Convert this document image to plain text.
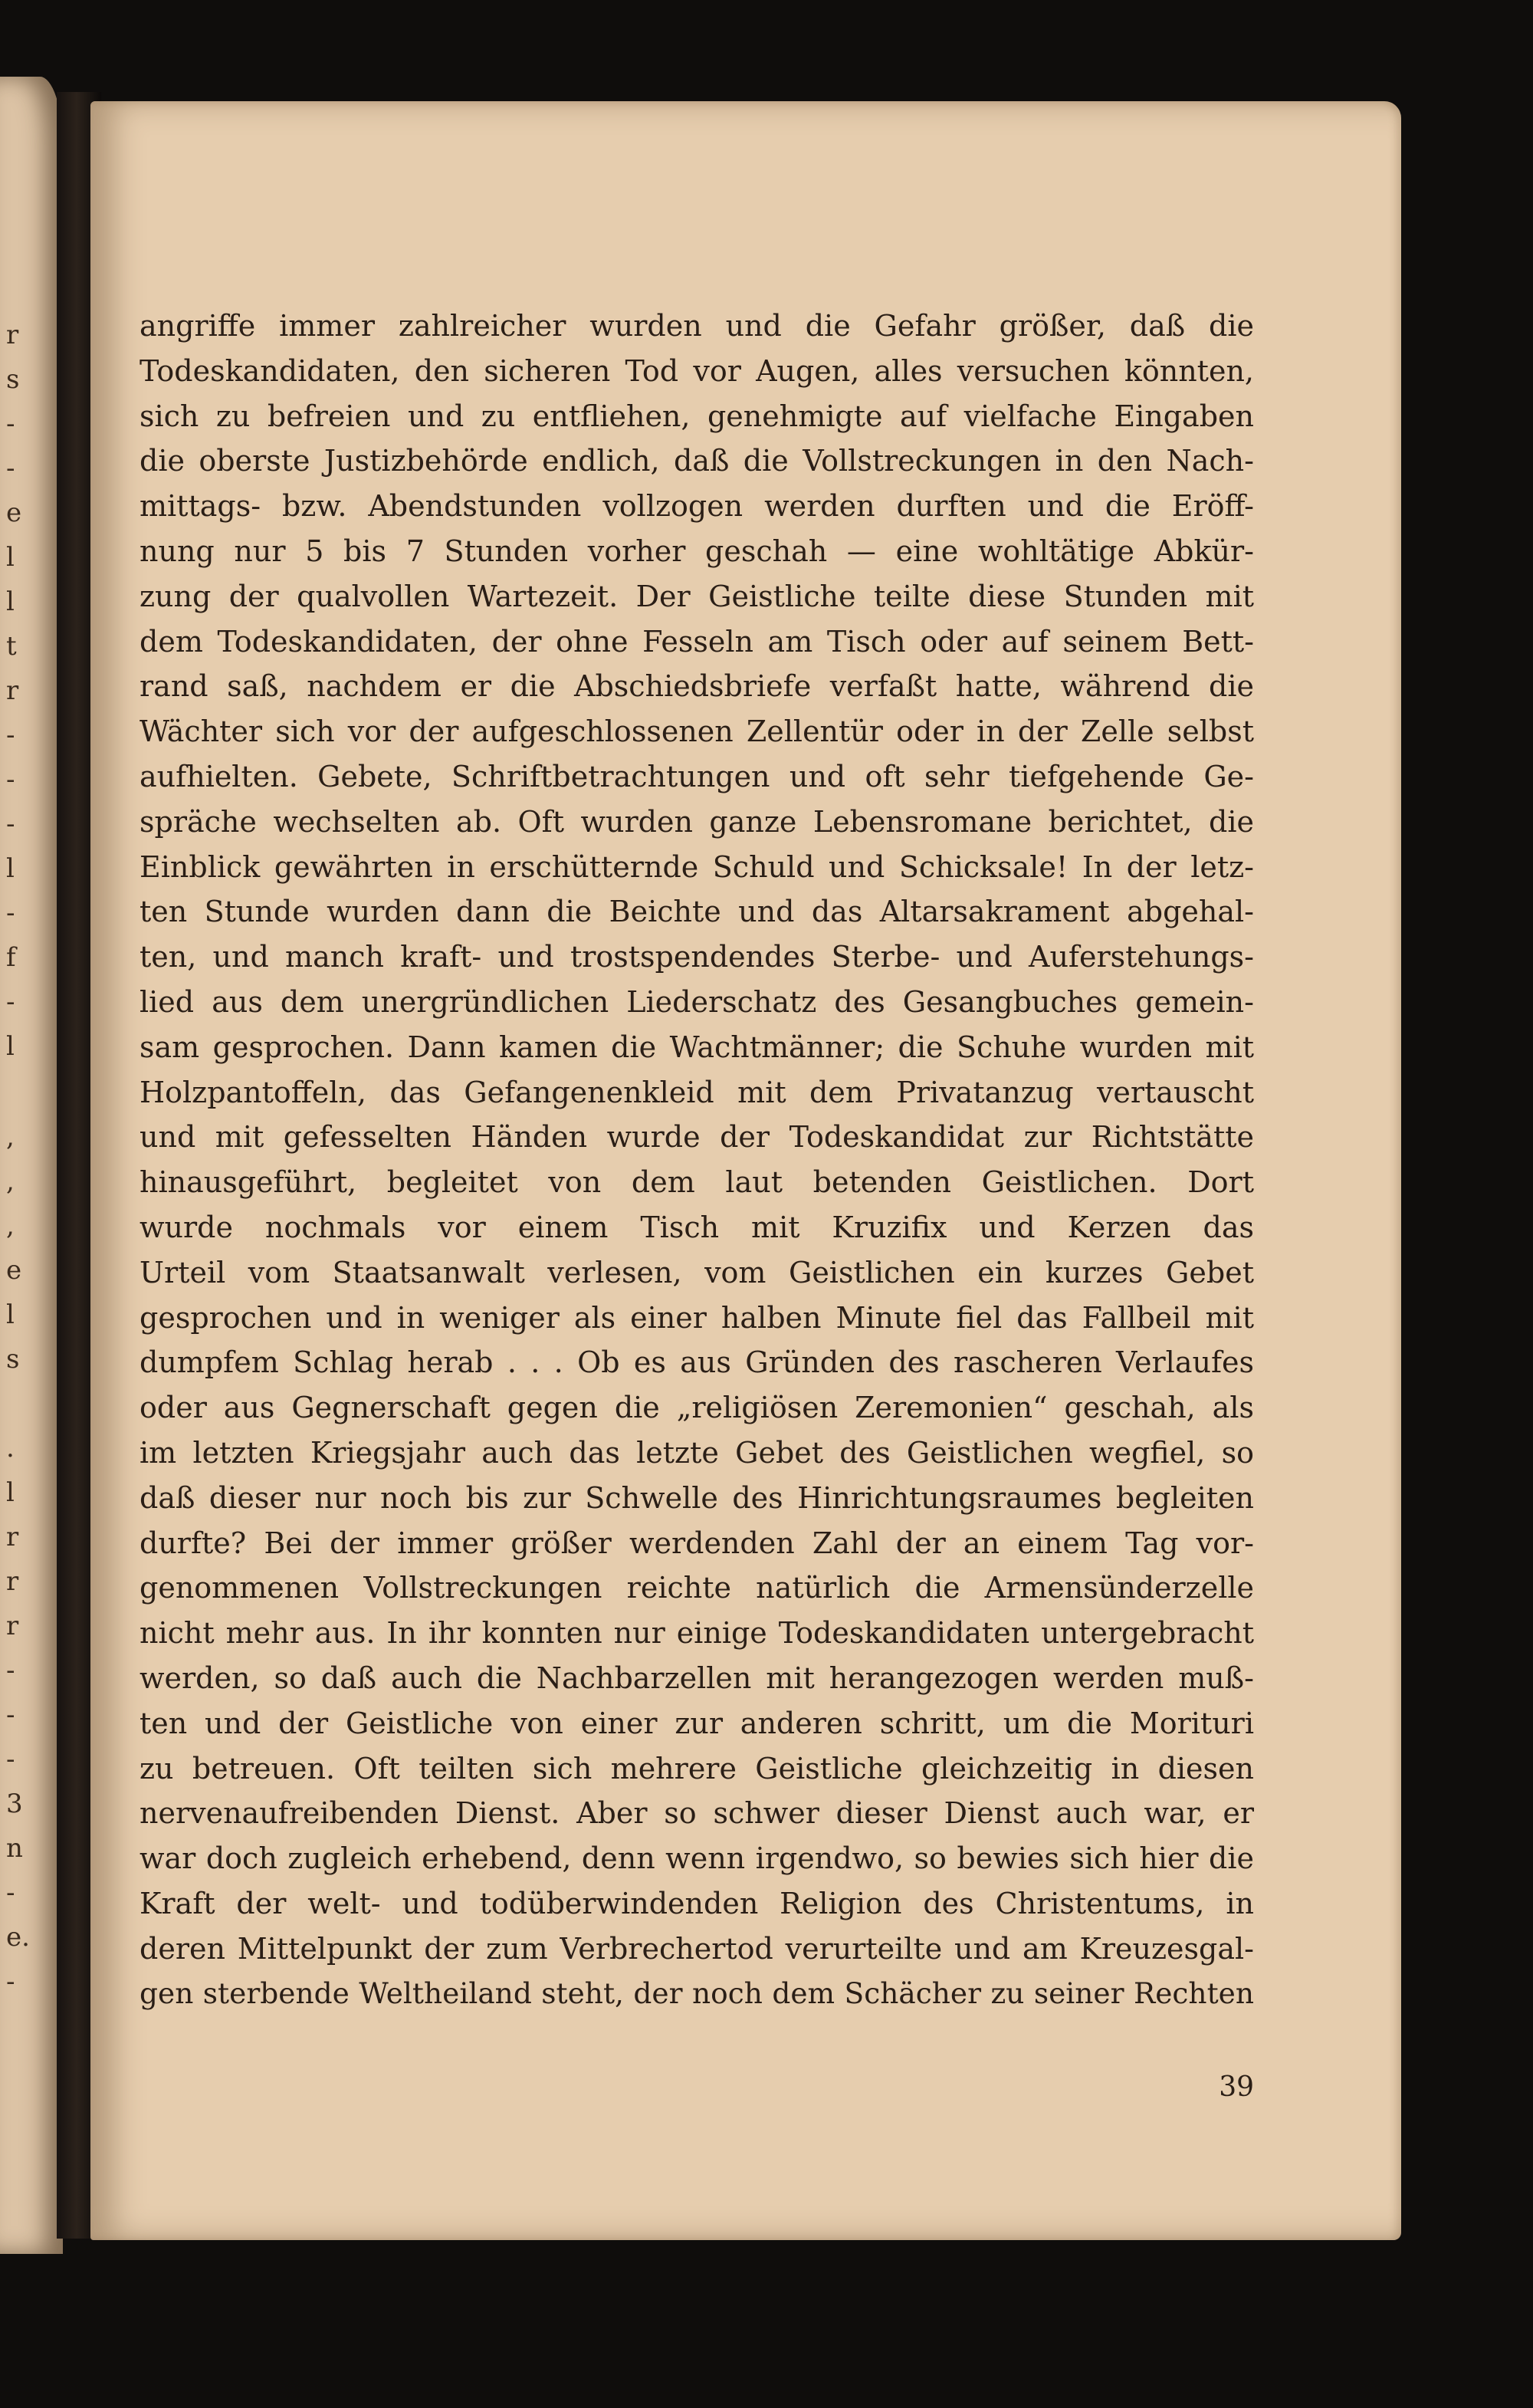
r
s
-
-
e
l
l
t
r
-
-
-
l
-
f
-
l
,
,
,
e
l
s
.
l
r
r
r
-
-
-
3
n
-
e.
-
angriffe immer zahlreicher wurden und die Gefahr größer, daß die
Todeskandidaten, den sicheren Tod vor Augen, alles versuchen könnten,
sich zu befreien und zu entfliehen, genehmigte auf vielfache Eingaben
die oberste Justizbehörde endlich, daß die Vollstreckungen in den Nach-
mittags- bzw. Abendstunden vollzogen werden durften und die Eröff-
nung nur 5 bis 7 Stunden vorher geschah — eine wohltätige Abkür-
zung der qualvollen Wartezeit. Der Geistliche teilte diese Stunden mit
dem Todeskandidaten, der ohne Fesseln am Tisch oder auf seinem Bett-
rand saß, nachdem er die Abschiedsbriefe verfaßt hatte, während die
Wächter sich vor der aufgeschlossenen Zellentür oder in der Zelle selbst
aufhielten. Gebete, Schriftbetrachtungen und oft sehr tiefgehende Ge-
spräche wechselten ab. Oft wurden ganze Lebensromane berichtet, die
Einblick gewährten in erschütternde Schuld und Schicksale! In der letz-
ten Stunde wurden dann die Beichte und das Altarsakrament abgehal-
ten, und manch kraft- und trostspendendes Sterbe- und Auferstehungs-
lied aus dem unergründlichen Liederschatz des Gesangbuches gemein-
sam gesprochen. Dann kamen die Wachtmänner; die Schuhe wurden mit
Holzpantoffeln, das Gefangenenkleid mit dem Privatanzug vertauscht
und mit gefesselten Händen wurde der Todeskandidat zur Richtstätte
hinausgeführt, begleitet von dem laut betenden Geistlichen. Dort
wurde nochmals vor einem Tisch mit Kruzifix und Kerzen das
Urteil vom Staatsanwalt verlesen, vom Geistlichen ein kurzes Gebet
gesprochen und in weniger als einer halben Minute fiel das Fallbeil mit
dumpfem Schlag herab . . . Ob es aus Gründen des rascheren Verlaufes
oder aus Gegnerschaft gegen die „religiösen Zeremonien“ geschah, als
im letzten Kriegsjahr auch das letzte Gebet des Geistlichen wegfiel, so
daß dieser nur noch bis zur Schwelle des Hinrichtungsraumes begleiten
durfte? Bei der immer größer werdenden Zahl der an einem Tag vor-
genommenen Vollstreckungen reichte natürlich die Armensünderzelle
nicht mehr aus. In ihr konnten nur einige Todeskandidaten untergebracht
werden, so daß auch die Nachbarzellen mit herangezogen werden muß-
ten und der Geistliche von einer zur anderen schritt, um die Morituri
zu betreuen. Oft teilten sich mehrere Geistliche gleichzeitig in diesen
nervenaufreibenden Dienst. Aber so schwer dieser Dienst auch war, er
war doch zugleich erhebend, denn wenn irgendwo, so bewies sich hier die
Kraft der welt- und todüberwindenden Religion des Christentums, in
deren Mittelpunkt der zum Verbrechertod verurteilte und am Kreuzesgal-
gen sterbende Weltheiland steht, der noch dem Schächer zu seiner Rechten
39
